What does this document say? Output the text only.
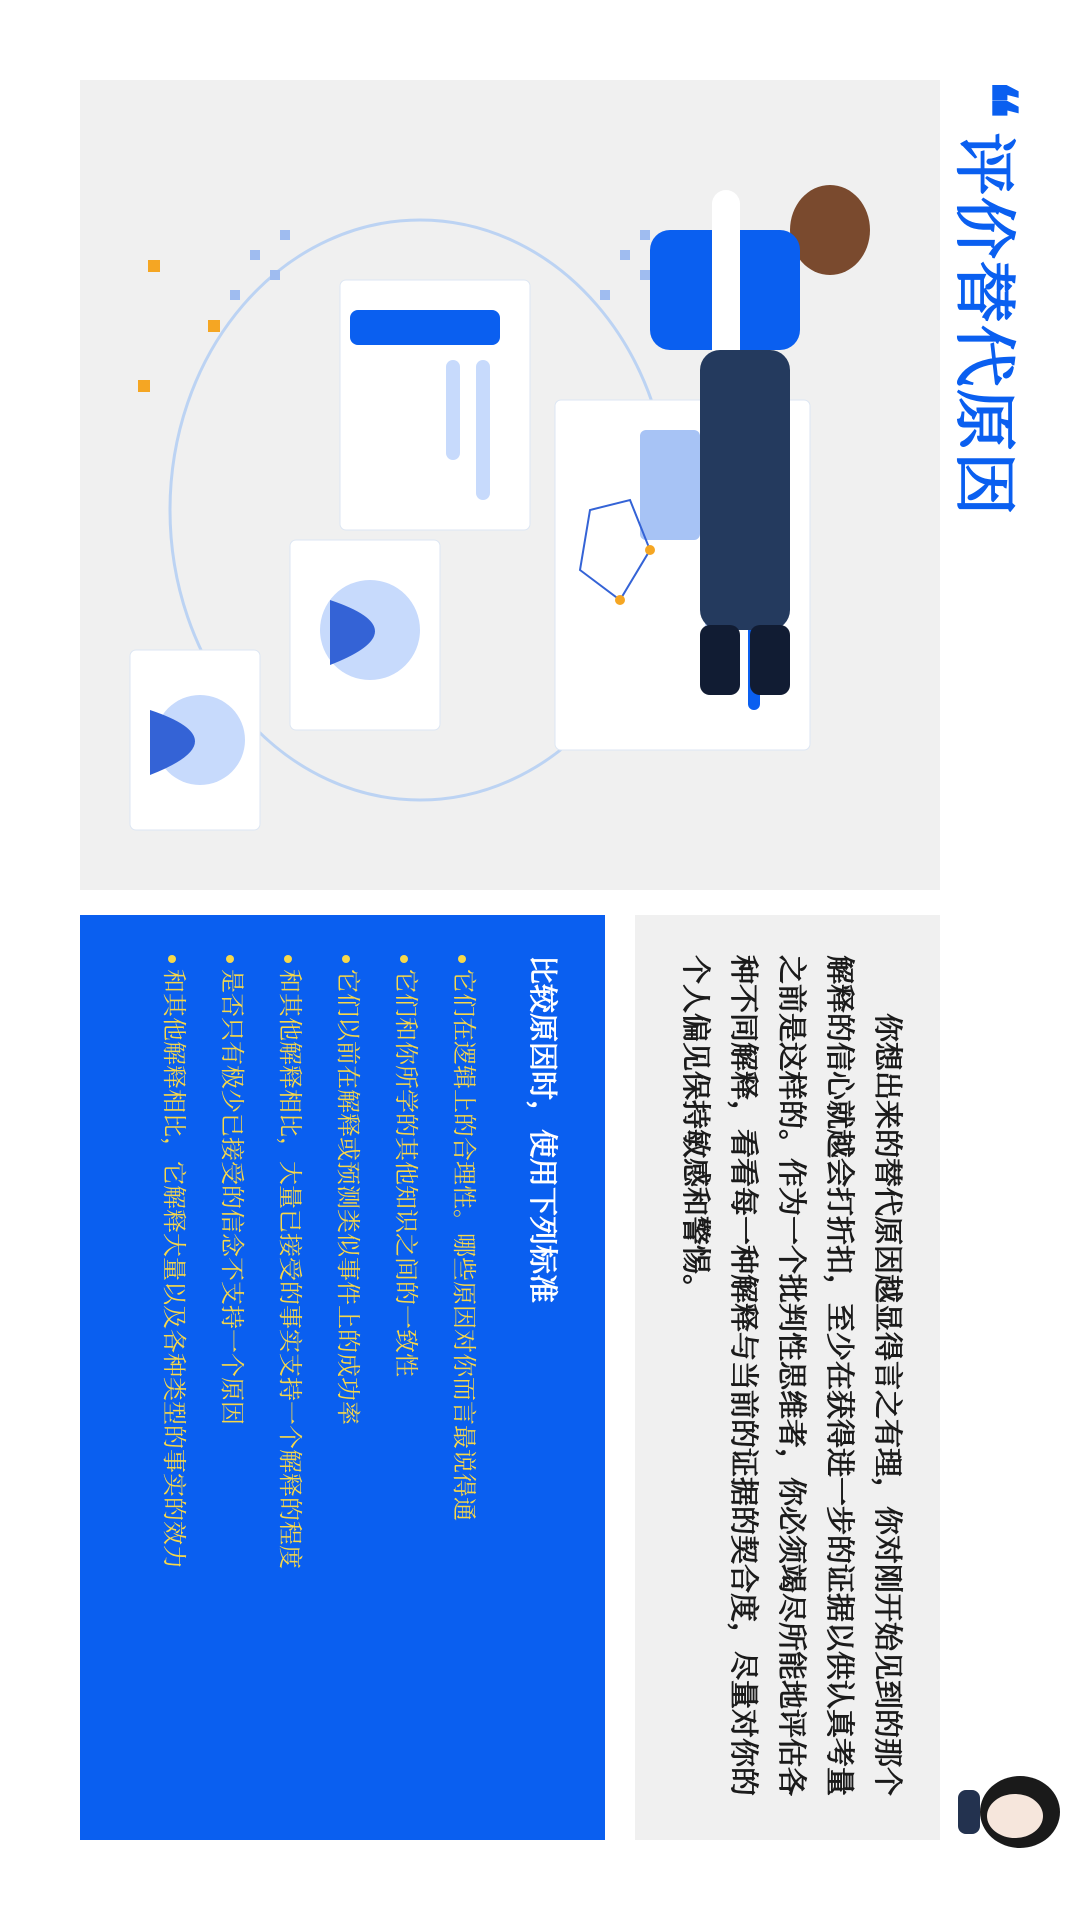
❝
评价替代原因
你想出来的替代原因越显得言之有理，你对刚开始见到的那个解释的信心就越会打折扣，至少在获得进一步的证据以供认真考量之前是这样的。作为一个批判性思维者，你必须竭尽所能地评估各种不同解释，看看每一种解释与当前的证据的契合度，尽量对你的个人偏见保持敏感和警惕。
比较原因时，使用下列标准
它们在逻辑上的合理性。哪些原因对你而言最说得通
它们和你所学的其他知识之间的一致性
它们以前在解释或预测类似事件上的成功率
和其他解释相比，大量已接受的事实支持一个解释的程度
是否只有极少已接受的信念不支持一个原因
和其他解释相比，它解释大量以及各种类型的事实的效力
